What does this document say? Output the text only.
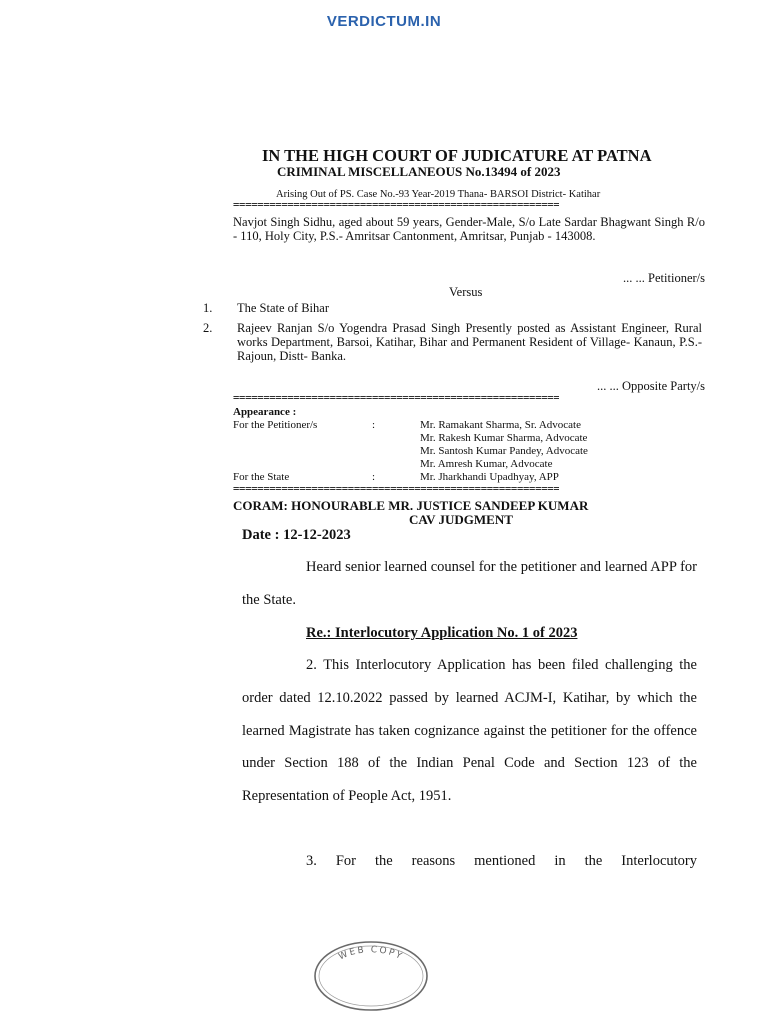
VERDICTUM.IN
IN THE HIGH COURT OF JUDICATURE AT PATNA
CRIMINAL MISCELLANEOUS No.13494 of 2023
Arising Out of PS. Case No.-93 Year-2019 Thana- BARSOI District- Katihar
======================================================
Navjot Singh Sidhu, aged about 59 years, Gender-Male, S/o Late Sardar Bhagwant Singh R/o - 110, Holy City, P.S.- Amritsar Cantonment, Amritsar, Punjab - 143008.
... ... Petitioner/s
Versus
1. The State of Bihar
2. Rajeev Ranjan S/o Yogendra Prasad Singh Presently posted as Assistant Engineer, Rural works Department, Barsoi, Katihar, Bihar and Permanent Resident of Village- Kanaun, P.S.- Rajoun, Distt- Banka.
... ... Opposite Party/s
======================================================
Appearance :
For the Petitioner/s	:	Mr. Ramakant Sharma, Sr. Advocate
Mr. Rakesh Kumar Sharma, Advocate
Mr. Santosh Kumar Pandey, Advocate
Mr. Amresh Kumar, Advocate
For the State	:	Mr. Jharkhandi Upadhyay, APP
======================================================
CORAM: HONOURABLE MR. JUSTICE SANDEEP KUMAR
CAV JUDGMENT
Date : 12-12-2023
Heard senior learned counsel for the petitioner and learned APP for the State.
Re.: Interlocutory Application No. 1 of 2023
2. This Interlocutory Application has been filed challenging the order dated 12.10.2022 passed by learned ACJM-I, Katihar, by which the learned Magistrate has taken cognizance against the petitioner for the offence under Section 188 of the Indian Penal Code and Section 123 of the Representation of People Act, 1951.
3. For the reasons mentioned in the Interlocutory
WEB COPY
